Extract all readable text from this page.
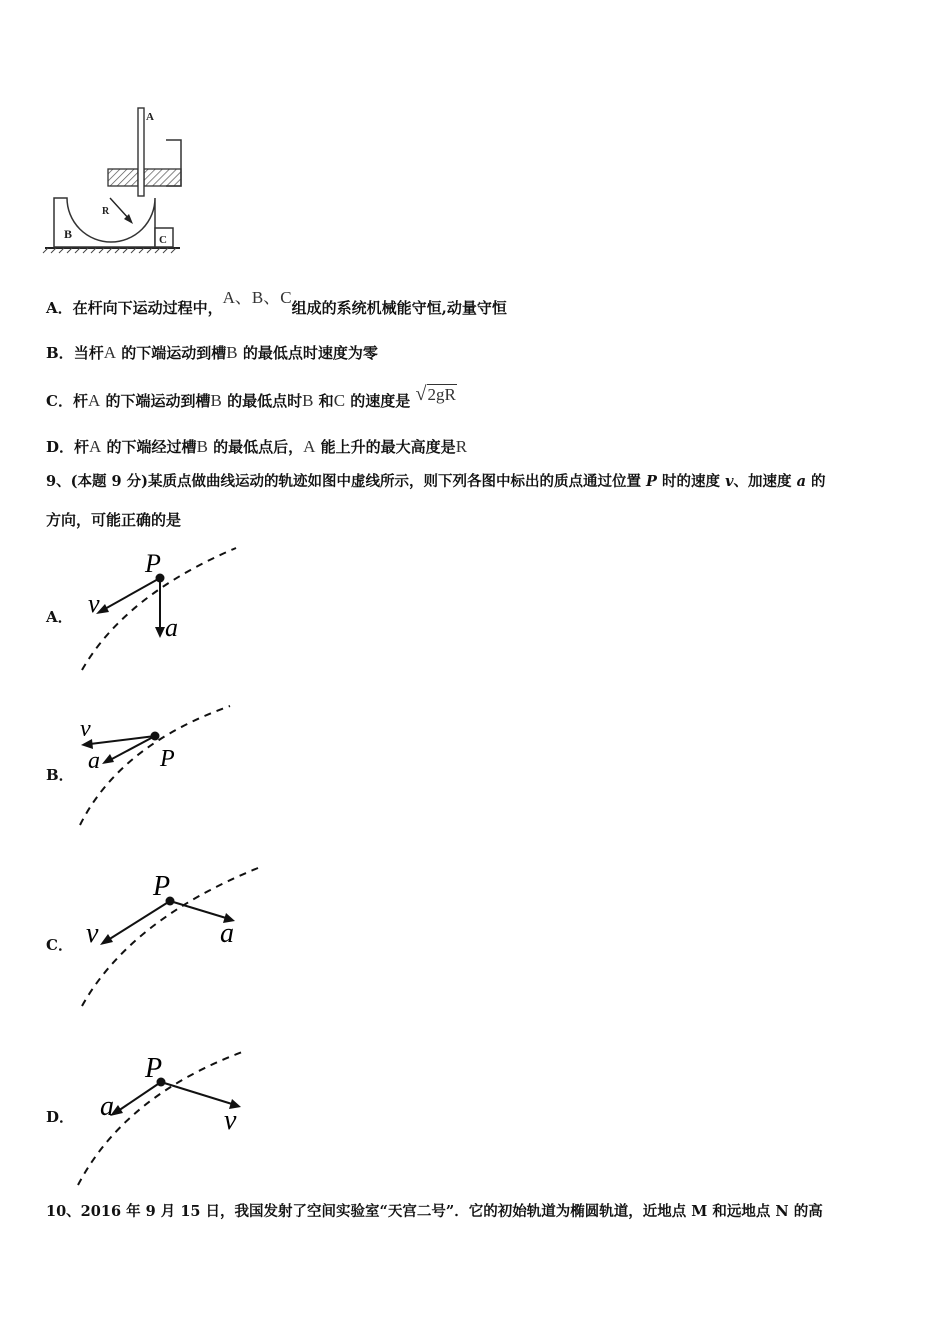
A
B	C
R
A．在杆向下运动过程中，A、B、C组成的系统机械能守恒,动量守恒
B．当杆A 的下端运动到槽B 的最低点时速度为零
C．杆A 的下端运动到槽B 的最低点时B 和C 的速度是 √2gR
D．杆A 的下端经过槽B 的最低点后，A 能上升的最大高度是R
9、(本题 9 分)某质点做曲线运动的轨迹如图中虚线所示，则下列各图中标出的质点通过位置 P 时的速度 v、加速度 a 的
方向，可能正确的是
A．
P
v
a
B．
v
a	P
C．
P
v	a
D．
P
a	v
10、2016 年 9 月 15 日，我国发射了空间实验室“天宫二号”．它的初始轨道为椭圆轨道，近地点 M 和远地点 N 的高
